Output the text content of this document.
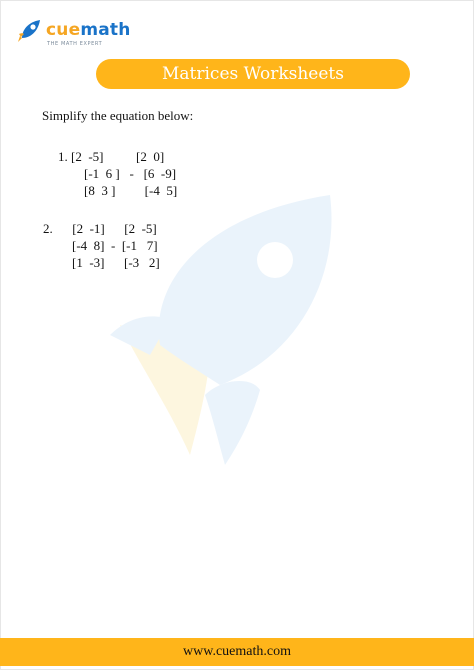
cuemath
THE MATH EXPERT
Matrices Worksheets
Simplify the equation below:
1. [2  -5]          [2  0]
[-1  6 ]   -   [6  -9]
[8  3 ]         [-4  5]
2.      [2  -1]      [2  -5]
[-4  8]  -  [-1   7]
[1  -3]      [-3   2]
www.cuemath.com
